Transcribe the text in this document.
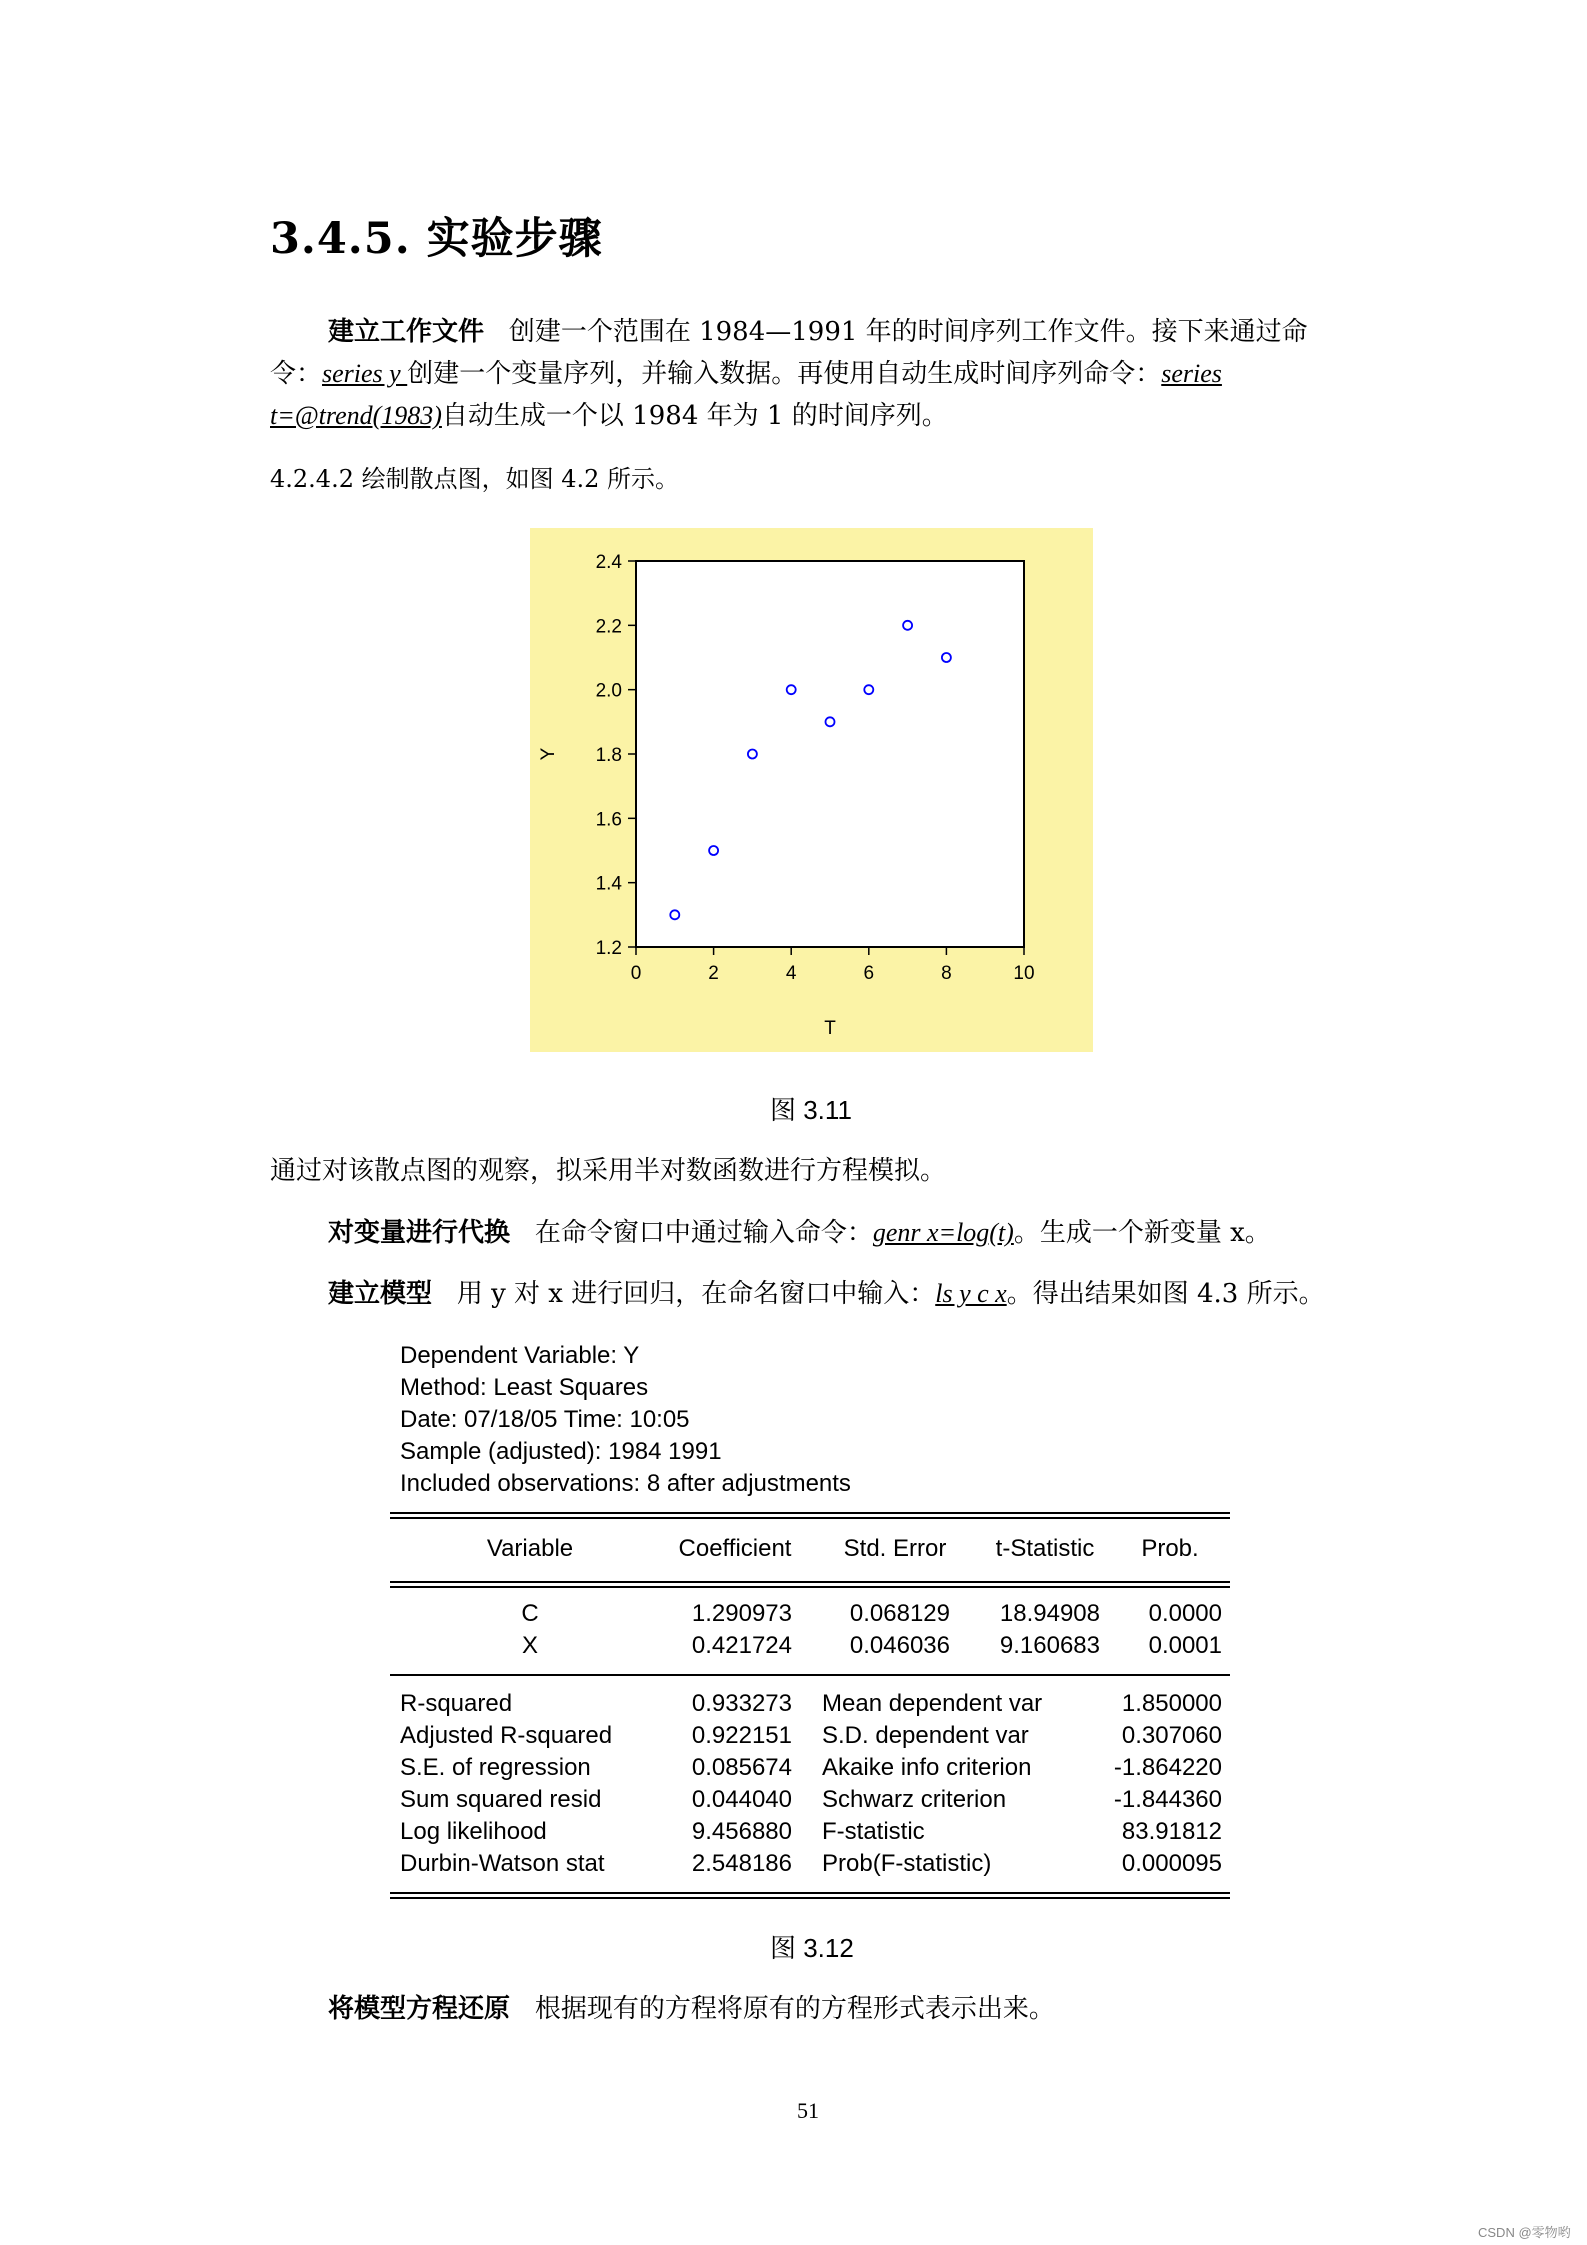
3.4.5. 实验步骤
建立工作文件 创建一个范围在 1984—1991 年的时间序列工作文件。接下来通过命
令：series y 创建一个变量序列，并输入数据。再使用自动生成时间序列命令：series
t=@trend(1983)自动生成一个以 1984 年为 1 的时间序列。
4.2.4.2 绘制散点图，如图 4.2 所示。
1.2
1.4
1.6
1.8
2.0
2.2
2.4
0	2	4	6	8	10
T
Y
图 3.11
通过对该散点图的观察，拟采用半对数函数进行方程模拟。
对变量进行代换 在命令窗口中通过输入命令：genr x=log(t)。生成一个新变量 x。
建立模型 用 y 对 x 进行回归，在命名窗口中输入：ls y c x。得出结果如图 4.3 所示。
Dependent Variable: Y
Method: Least Squares
Date: 07/18/05 Time: 10:05
Sample (adjusted): 1984 1991
Included observations: 8 after adjustments
Variable	Coefficient	Std. Error	t-Statistic	Prob.
C	1.290973	0.068129	18.94908	0.0000
X	0.421724	0.046036	9.160683	0.0001
R-squared	0.933273 Mean dependent var	1.850000
Adjusted R-squared	0.922151 S.D. dependent var	0.307060
S.E. of regression	0.085674 Akaike info criterion	-1.864220
Sum squared resid	0.044040 Schwarz criterion	-1.844360
Log likelihood	9.456880 F-statistic	83.91812
Durbin-Watson stat	2.548186 Prob(F-statistic)	0.000095
图 3.12
将模型方程还原 根据现有的方程将原有的方程形式表示出来。
51
CSDN @零物哟
